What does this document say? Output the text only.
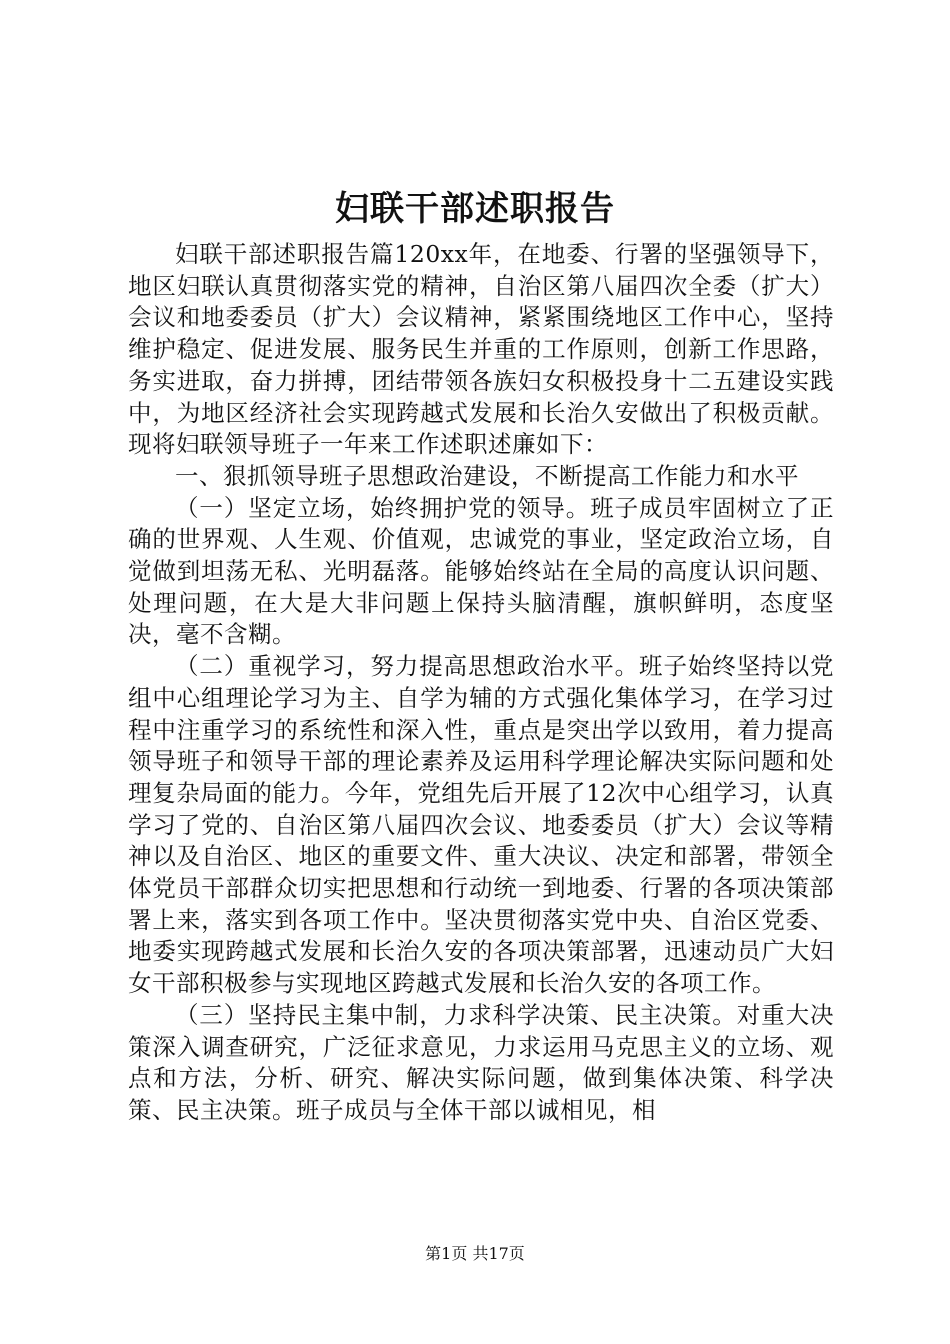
妇联干部述职报告

妇联干部述职报告篇120xx年，在地委、行署的坚强领导下，地区妇联认真贯彻落实党的精神，自治区第八届四次全委（扩大）会议和地委委员（扩大）会议精神，紧紧围绕地区工作中心，坚持维护稳定、促进发展、服务民生并重的工作原则，创新工作思路，务实进取，奋力拼搏，团结带领各族妇女积极投身十二五建设实践中，为地区经济社会实现跨越式发展和长治久安做出了积极贡献。现将妇联领导班子一年来工作述职述廉如下：

一、狠抓领导班子思想政治建设，不断提高工作能力和水平

（一）坚定立场，始终拥护党的领导。班子成员牢固树立了正确的世界观、人生观、价值观，忠诚党的事业，坚定政治立场，自觉做到坦荡无私、光明磊落。能够始终站在全局的高度认识问题、处理问题，在大是大非问题上保持头脑清醒，旗帜鲜明，态度坚决，毫不含糊。

（二）重视学习，努力提高思想政治水平。班子始终坚持以党组中心组理论学习为主、自学为辅的方式强化集体学习，在学习过程中注重学习的系统性和深入性，重点是突出学以致用，着力提高领导班子和领导干部的理论素养及运用科学理论解决实际问题和处理复杂局面的能力。今年，党组先后开展了12次中心组学习，认真学习了党的、自治区第八届四次会议、地委委员（扩大）会议等精神以及自治区、地区的重要文件、重大决议、决定和部署，带领全体党员干部群众切实把思想和行动统一到地委、行署的各项决策部署上来，落实到各项工作中。坚决贯彻落实党中央、自治区党委、地委实现跨越式发展和长治久安的各项决策部署，迅速动员广大妇女干部积极参与实现地区跨越式发展和长治久安的各项工作。

（三）坚持民主集中制，力求科学决策、民主决策。对重大决策深入调查研究，广泛征求意见，力求运用马克思主义的立场、观点和方法，分析、研究、解决实际问题，做到集体决策、科学决策、民主决策。班子成员与全体干部以诚相见，相

第1页 共17页
